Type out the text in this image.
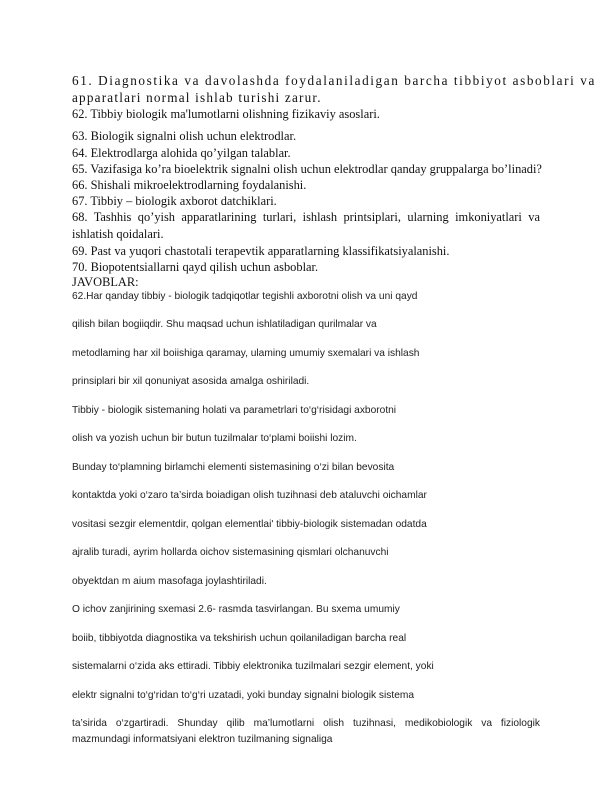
61. Diagnostika va davolashda foydalaniladigan barcha tibbiyot asboblari va
apparatlari normal ishlab turishi zarur.
62. Tibbiy biologik ma'lumotlarni olishning fizikaviy asoslari.
63. Biologik signalni olish uchun elektrodlar.
64. Elektrodlarga alohida qo’yilgan talablar.
65. Vazifasiga ko’ra bioelektrik signalni olish uchun elektrodlar qanday gruppalarga bo’linadi?
66. Shishali mikroelektrodlarning foydalanishi.
67. Tibbiy – biologik axborot datchiklari.
68. Tashhis qo’yish apparatlarining turlari, ishlash printsiplari, ularning imkoniyatlari va
ishlatish qoidalari.
69. Past va yuqori chastotali terapevtik apparatlarning klassifikatsiyalanishi.
70. Biopotentsiallarni qayd qilish uchun asboblar.
JAVOBLAR:
62.Har qanday tibbiy - biologik tadqiqotlar tegishli axborotni olish va uni qayd
qilish bilan bogiiqdir. Shu maqsad uchun ishlatiladigan qurilmalar va
metodlaming har xil boiishiga qaramay, ulaming umumiy sxemalari va ishlash
prinsiplari bir xil qonuniyat asosida amalga oshiriladi.
Tibbiy - biologik sistemaning holati va parametrlari to‘g‘risidagi axborotni
olish va yozish uchun bir butun tuzilmalar to‘plami boiishi lozim.
Bunday to‘plamning birlamchi elementi sistemasining o‘zi bilan bevosita
kontaktda yoki o‘zaro ta’sirda boiadigan olish tuzihnasi deb ataluvchi oichamlar
vositasi sezgir elementdir, qolgan elementlai' tibbiy-biologik sistemadan odatda
ajralib turadi, ayrim hollarda oichov sistemasining qismlari olchanuvchi
obyektdan m aium masofaga joylashtiriladi.
O ichov zanjirining sxemasi 2.6- rasmda tasvirlangan. Bu sxema umumiy
boiib, tibbiyotda diagnostika va tekshirish uchun qoilaniladigan barcha real
sistemalarni o‘zida aks ettiradi. Tibbiy elektronika tuzilmalari sezgir element, yoki
elektr signalni to‘g‘ridan to‘g‘ri uzatadi, yoki bunday signalni biologik sistema
ta’sirida o‘zgartiradi. Shunday qilib ma’lumotlarni olish tuzihnasi, medikobiologik va fiziologik
mazmundagi informatsiyani elektron tuzilmaning signaliga
